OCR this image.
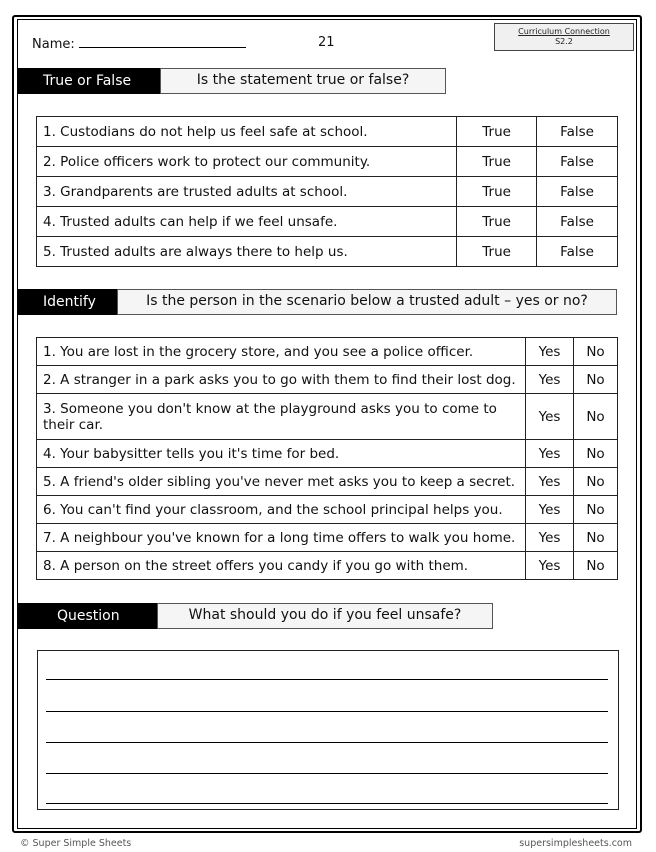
Name:	21
Curriculum Connection
S2.2
True or False	Is the statement true or false?
1. Custodians do not help us feel safe at school.	True	False
2. Police officers work to protect our community.	True	False
3. Grandparents are trusted adults at school.	True	False
4. Trusted adults can help if we feel unsafe.	True	False
5. Trusted adults are always there to help us.	True	False
Identify	Is the person in the scenario below a trusted adult – yes or no?
1. You are lost in the grocery store, and you see a police officer.	Yes	No
2. A stranger in a park asks you to go with them to find their lost dog.	Yes	No
3. Someone you don't know at the playground asks you to come to their car.	Yes	No
4. Your babysitter tells you it's time for bed.	Yes	No
5. A friend's older sibling you've never met asks you to keep a secret.	Yes	No
6. You can't find your classroom, and the school principal helps you.	Yes	No
7. A neighbour you've known for a long time offers to walk you home.	Yes	No
8. A person on the street offers you candy if you go with them.	Yes	No
Question	What should you do if you feel unsafe?
© Super Simple Sheets	supersimplesheets.com
